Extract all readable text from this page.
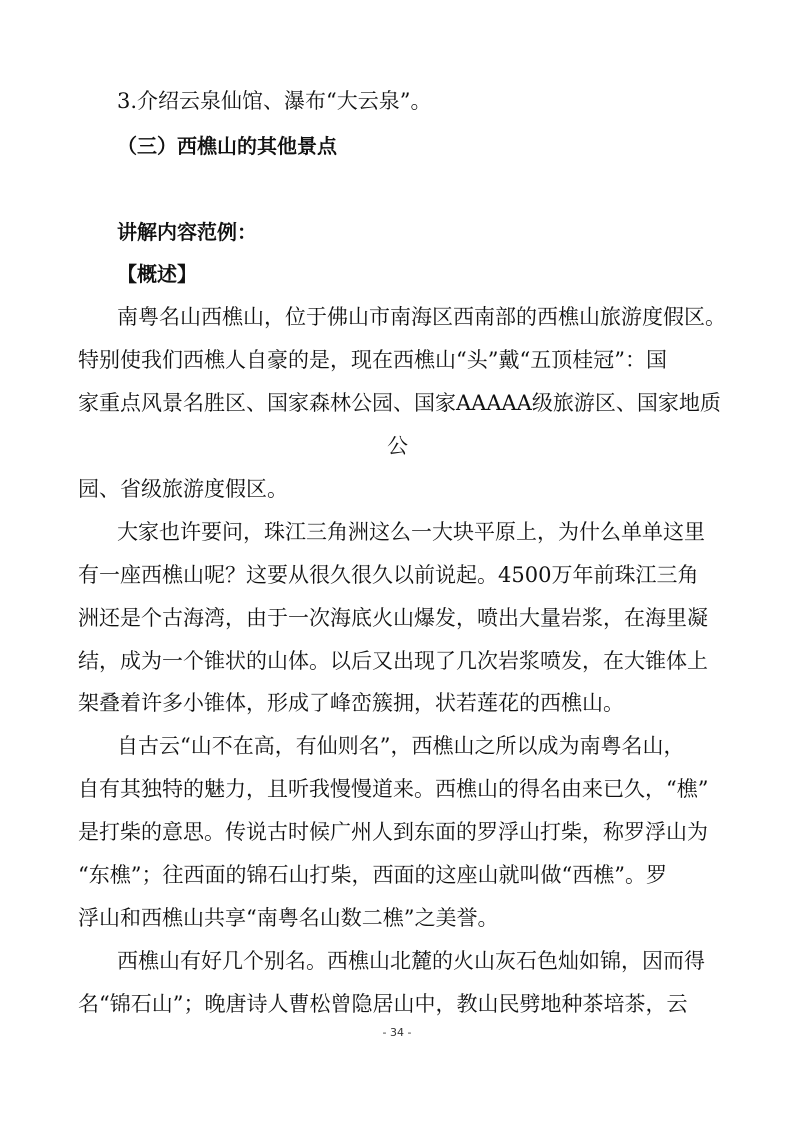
3.介绍云泉仙馆、瀑布“大云泉”。
（三）西樵山的其他景点
讲解内容范例：
【概述】
南粤名山西樵山，位于佛山市南海区西南部的西樵山旅游度假区。
特别使我们西樵人自豪的是，现在西樵山“头”戴“五顶桂冠”：国
家重点风景名胜区、国家森林公园、国家AAAAA级旅游区、国家地质
公
园、省级旅游度假区。
大家也许要问，珠江三角洲这么一大块平原上，为什么单单这里
有一座西樵山呢？这要从很久很久以前说起。4500万年前珠江三角
洲还是个古海湾，由于一次海底火山爆发，喷出大量岩浆，在海里凝
结，成为一个锥状的山体。以后又出现了几次岩浆喷发，在大锥体上
架叠着许多小锥体，形成了峰峦簇拥，状若莲花的西樵山。
自古云“山不在高，有仙则名”，西樵山之所以成为南粤名山，
自有其独特的魅力，且听我慢慢道来。西樵山的得名由来已久，“樵”
是打柴的意思。传说古时候广州人到东面的罗浮山打柴，称罗浮山为
“东樵”；往西面的锦石山打柴，西面的这座山就叫做“西樵”。罗
浮山和西樵山共享“南粤名山数二樵”之美誉。
西樵山有好几个别名。西樵山北麓的火山灰石色灿如锦，因而得
名“锦石山”；晚唐诗人曹松曾隐居山中，教山民劈地种茶培茶，云
- 34 -
